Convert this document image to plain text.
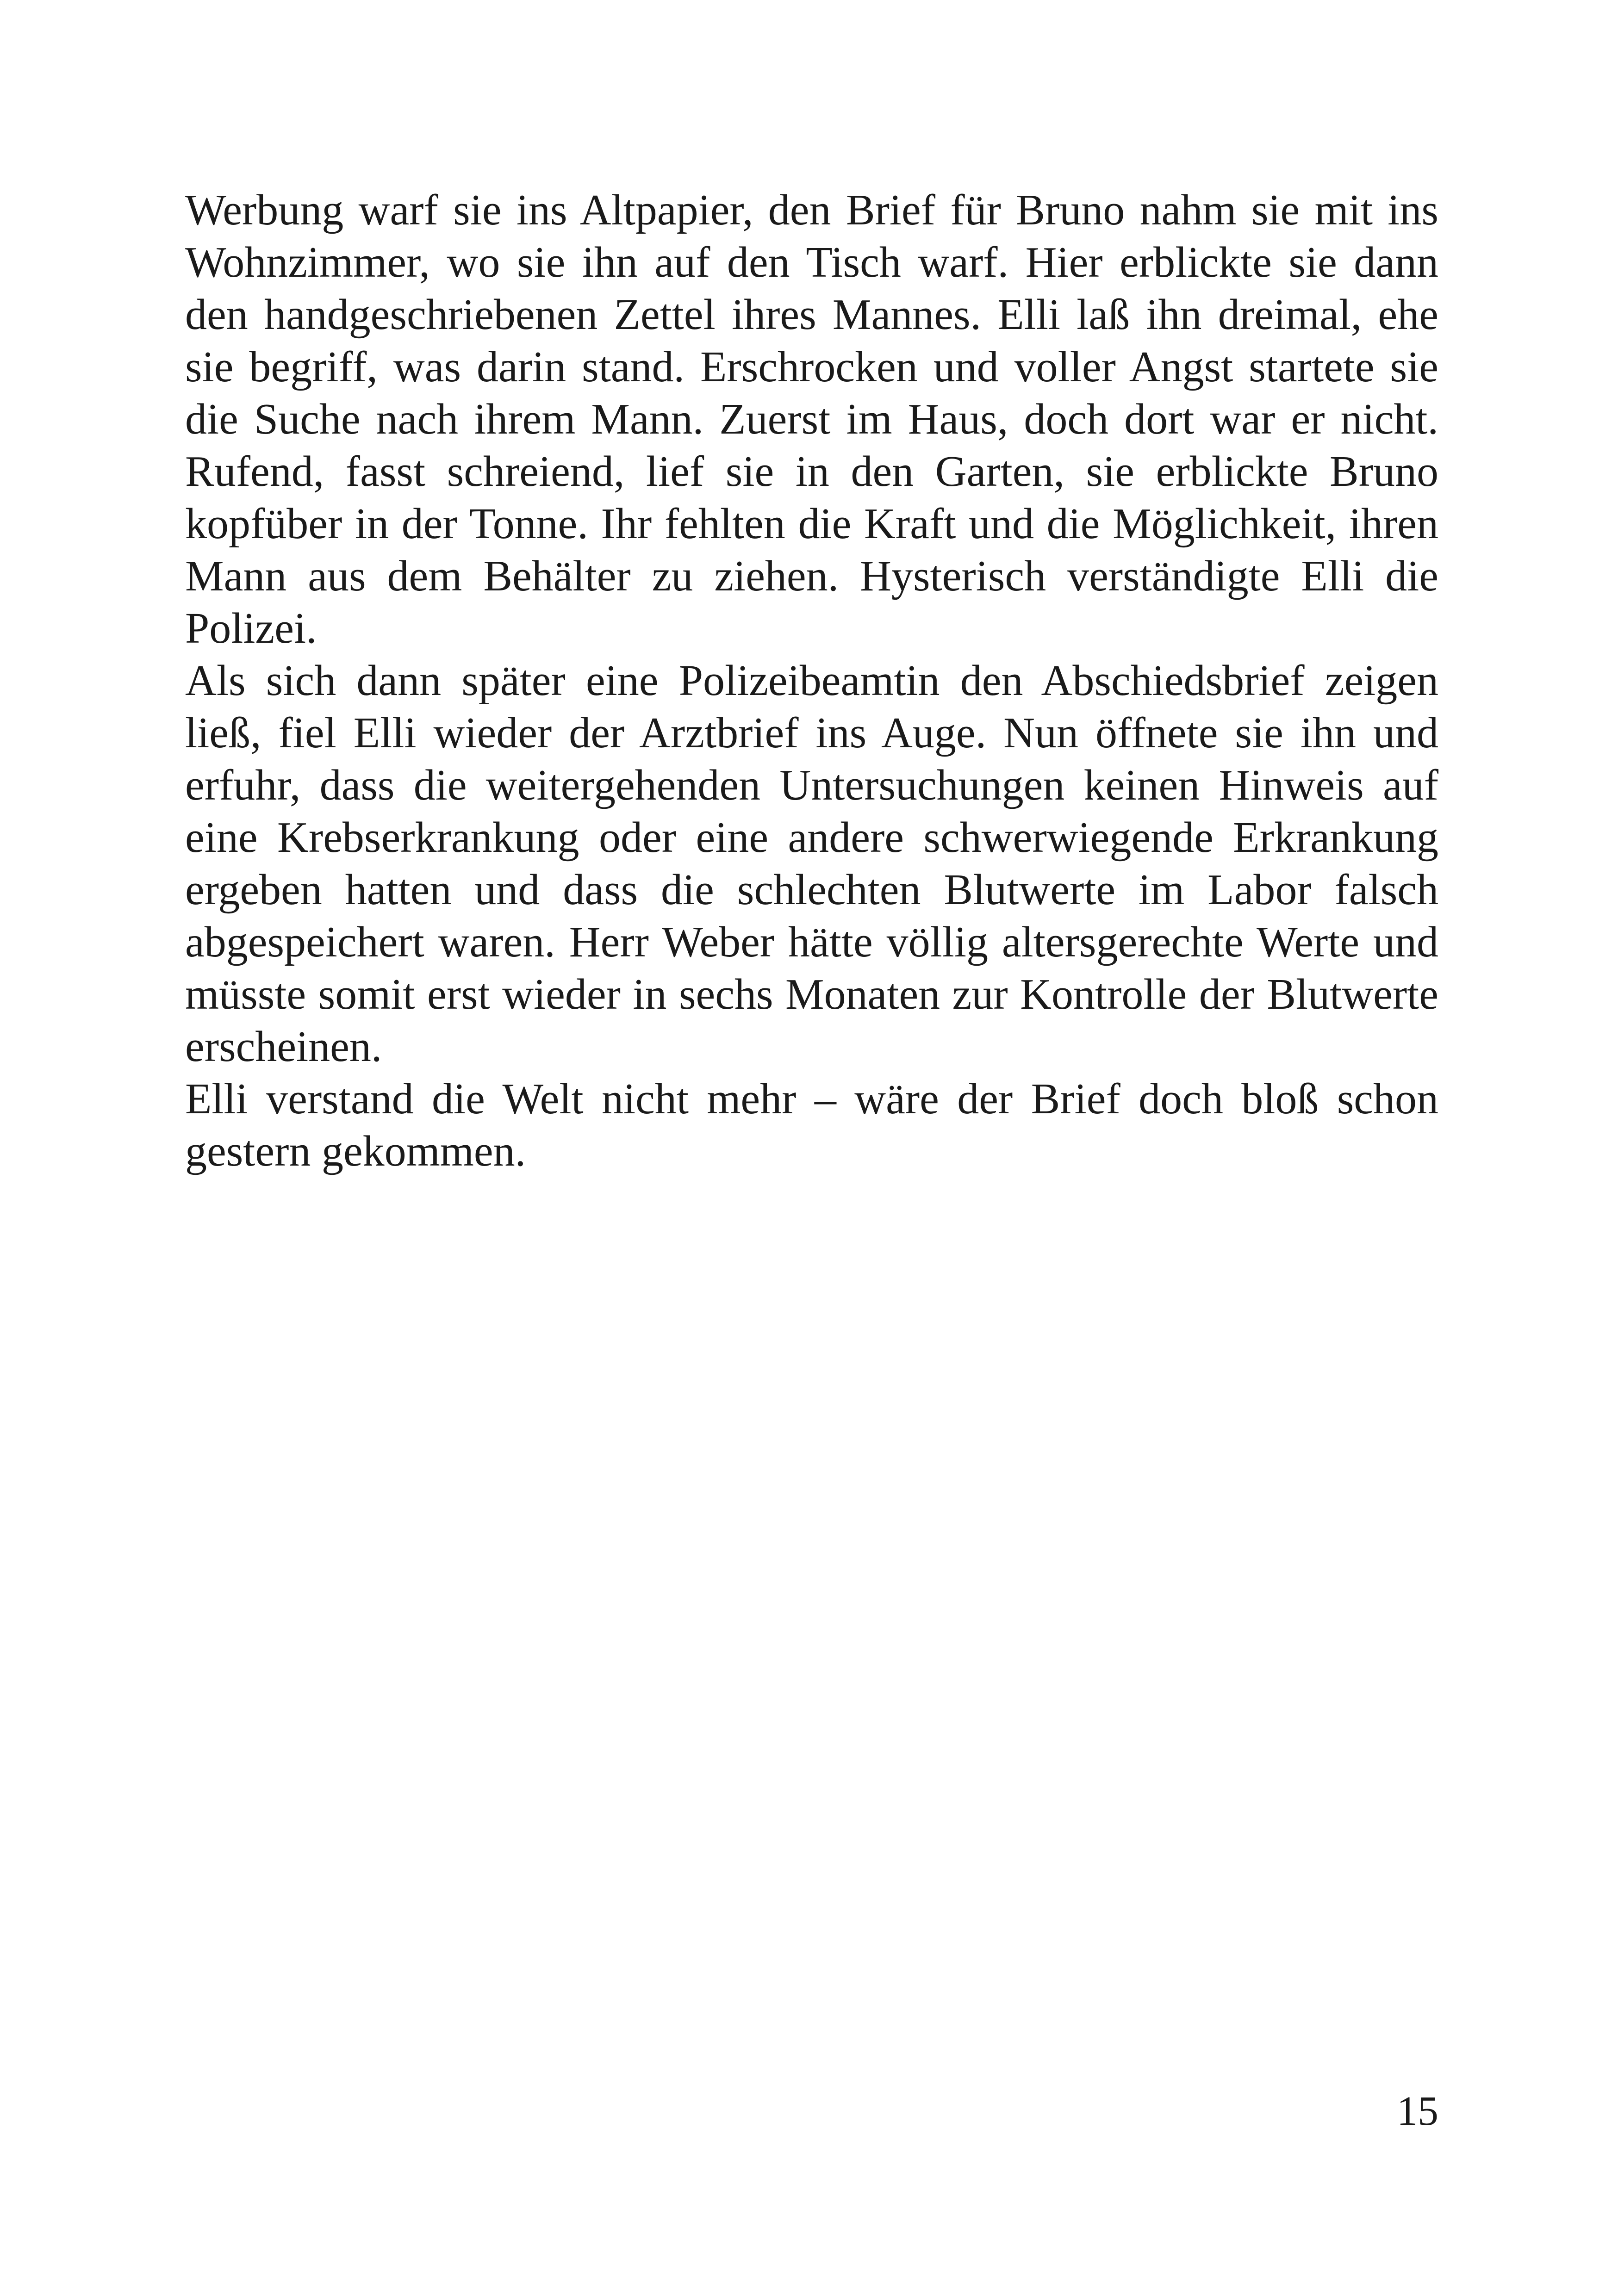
Werbung warf sie ins Altpapier, den Brief für Bruno nahm sie mit ins Wohnzimmer, wo sie ihn auf den Tisch warf. Hier erblickte sie dann den handgeschriebenen Zettel ihres Mannes. Elli laß ihn dreimal, ehe sie begriff, was darin stand. Erschrocken und voller Angst startete sie die Suche nach ihrem Mann. Zuerst im Haus, doch dort war er nicht. Rufend, fasst schreiend, lief sie in den Garten, sie erblickte Bruno kopfüber in der Tonne. Ihr fehlten die Kraft und die Möglichkeit, ihren Mann aus dem Behälter zu ziehen. Hysterisch verständigte Elli die Polizei.

Als sich dann später eine Polizeibeamtin den Abschiedsbrief zeigen ließ, fiel Elli wieder der Arztbrief ins Auge. Nun öffnete sie ihn und erfuhr, dass die weitergehenden Untersuchungen keinen Hinweis auf eine Krebserkrankung oder eine andere schwerwiegende Erkrankung ergeben hatten und dass die schlechten Blutwerte im Labor falsch abgespeichert waren. Herr Weber hätte völlig altersgerechte Werte und müsste somit erst wieder in sechs Monaten zur Kontrolle der Blutwerte erscheinen.

Elli verstand die Welt nicht mehr – wäre der Brief doch bloß schon gestern gekommen.

15
